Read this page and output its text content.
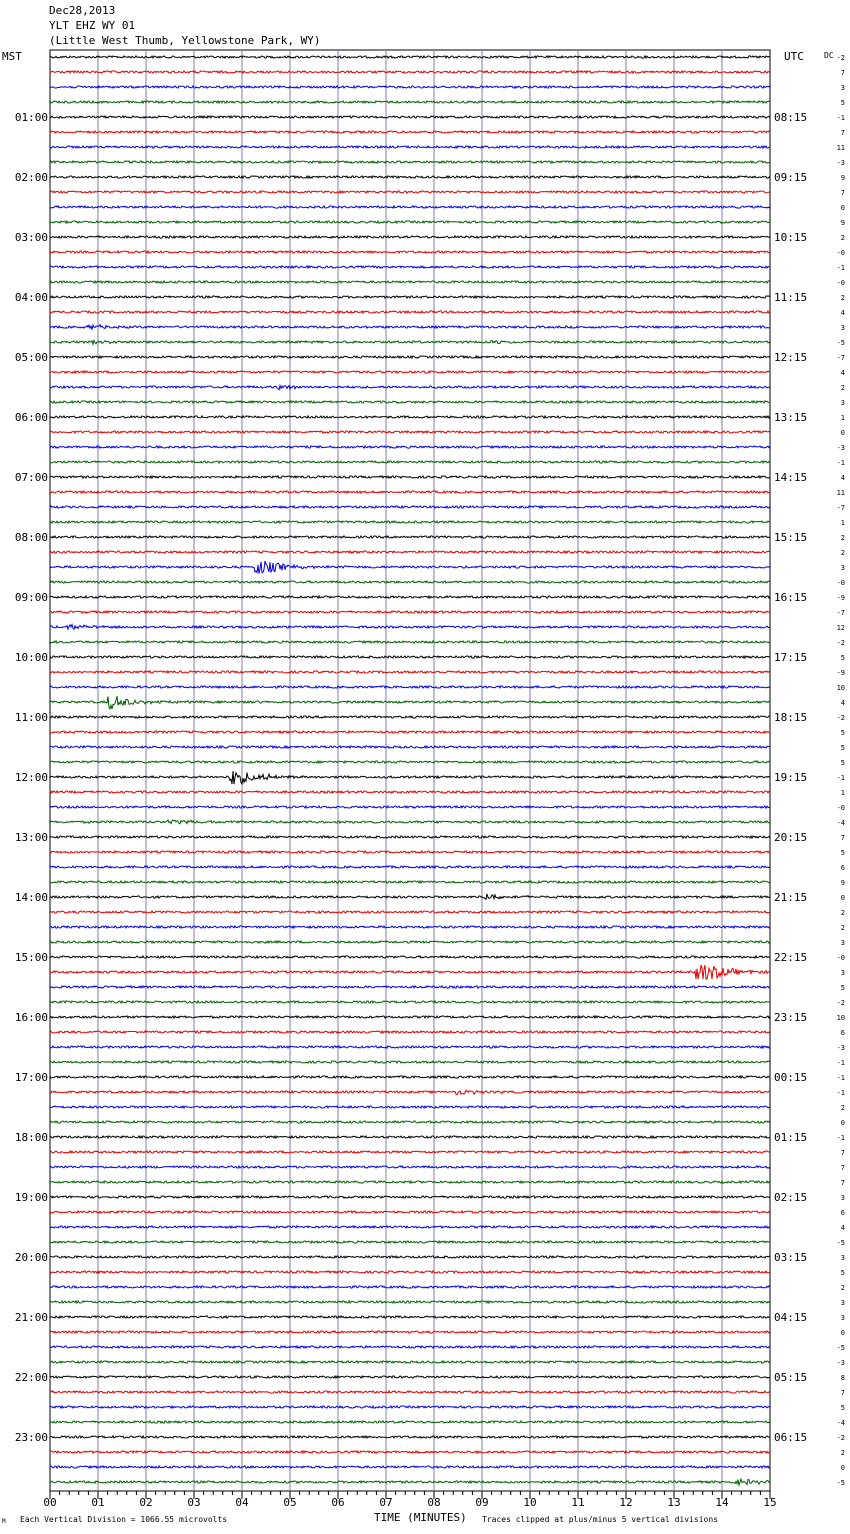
00	01	02	03	04	05	06	07	08	09	10	11	12	13	14	15
01:00
02:00
03:00
04:00
05:00
06:00
07:00
08:00
09:00
10:00
11:00
12:00
13:00
14:00
15:00
16:00
17:00
18:00
19:00
20:00
21:00
22:00
23:00
08:15
09:15
10:15
11:15
12:15
13:15
14:15
15:15
16:15
17:15
18:15
19:15
20:15
21:15
22:15
23:15
00:15
01:15
02:15
03:15
04:15
05:15
06:15
-2
7
3
5
-1
7
11
-3
9
7
0
9
2
-0
-1
-0
2
4
3
-5
-7
4
2
3
1
0
-3
-1
4
11
-7
1
2
2
3
-0
-9
-7
12
-2
5
-9
10
4
-2
5
5
5
-1
1
-0
-4
7
5
6
9
0
2
2
3
-0
3
5
-2
10
6
-3
-1
-1
-1
2
0
-1
7
7
7
3
6
4
-5
3
5
2
3
3
0
-5
-3
8
7
5
-4
-2
2
0
-5
Dec28,2013
YLT EHZ WY 01
(Little West Thumb, Yellowstone Park, WY)
MST	UTC	DC
M Each Vertical Division = 1066.55 microvolts	TIME (MINUTES) Traces clipped at plus/minus 5 vertical divisions
